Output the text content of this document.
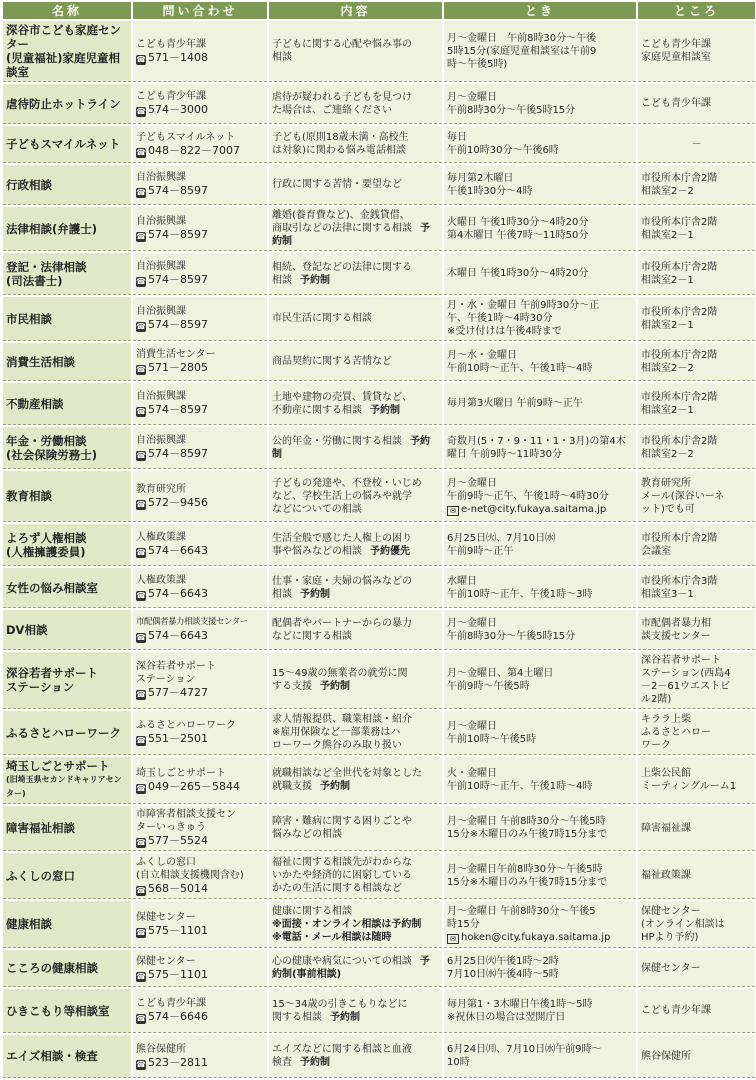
名称	問い合わせ	内容	とき	ところ

深谷市こども家庭センター
(児童福祉)家庭児童相談室	こども青少年課
☎ 571－1408	子どもに関する心配や悩み事の
相談	月～金曜日　午前8時30分～午後
5時15分(家庭児童相談室は午前9
時～午後5時)	こども青少年課
家庭児童相談室

虐待防止ホットライン	こども青少年課
☎ 574－3000	虐待が疑われる子どもを見つけ
た場合は、ご連絡ください	月～金曜日
午前8時30分～午後5時15分	こども青少年課

子どもスマイルネット	子どもスマイルネット
☎ 048－822－7007	子ども(原則18歳未満・高校生
は対象)に関わる悩み電話相談	毎日
午前10時30分～午後6時	－

行政相談	自治振興課
☎ 574－8597	行政に関する苦情・要望など	毎月第2木曜日
午後1時30分～4時	市役所本庁舎2階
相談室2－2

法律相談(弁護士)	自治振興課
☎ 574－8597	離婚(養育費など)、金銭貸借、
商取引などの法律に関する相談 予約制	火曜日 午後1時30分～4時20分
第4木曜日 午後7時～11時50分	市役所本庁舎2階
相談室2－1

登記・法律相談
(司法書士)	自治振興課
☎ 574－8597	相続、登記などの法律に関する
相談 予約制	木曜日 午後1時30分～4時20分	市役所本庁舎2階
相談室2－1

市民相談	自治振興課
☎ 574－8597	市民生活に関する相談	月・水・金曜日 午前9時30分～正
午、午後1時～4時30分
※受け付けは午後4時まで	市役所本庁舎2階
相談室2－1

消費生活相談	消費生活センター
☎ 571－2805	商品契約に関する苦情など	月～水・金曜日
午前10時～正午、午後1時～4時	市役所本庁舎2階
相談室2－2

不動産相談	自治振興課
☎ 574－8597	土地や建物の売買、賃貸など、
不動産に関する相談 予約制	毎月第3火曜日 午前9時～正午	市役所本庁舎2階
相談室2－1

年金・労働相談
(社会保険労務士)	自治振興課
☎ 574－8597	公的年金・労働に関する相談 予約制	奇数月(5・7・9・11・1・3月)の第4木
曜日 午前9時～11時30分	市役所本庁舎2階
相談室2－2

教育相談	教育研究所
☎ 572－9456	子どもの発達や、不登校・いじめ
など、学校生活上の悩みや就学
などについての相談	月～金曜日
午前9時～正午、午後1時～4時30分
✉ e-net@city.fukaya.saitama.jp	教育研究所
メール(深谷いーネ
ット)でも可

よろず人権相談
(人権擁護委員)	人権政策課
☎ 574－6643	生活全般で感じた人権上の困り
事や悩みなどの相談 予約優先	6月25日㈫、7月10日㈬
午前9時～正午	市役所本庁舎2階
会議室

女性の悩み相談室	人権政策課
☎ 574－6643	仕事・家庭・夫婦の悩みなどの
相談 予約制	水曜日
午前10時～正午、午後1時～3時	市役所本庁舎3階
相談室3－1

DV相談	市配偶者暴力相談支援センター
☎ 574－6643	配偶者やパートナーからの暴力
などに関する相談	月～金曜日
午前8時30分～午後5時15分	市配偶者暴力相
談支援センター

深谷若者サポート
ステーション	深谷若者サポート
ステーション
☎ 577－4727	15～49歳の無業者の就労に関
する支援 予約制	月～金曜日、第4土曜日
午前9時～午後5時	深谷若者サポート
ステーション(西島4
－2－61ウエストビ
ル2階)

ふるさとハローワーク	ふるさとハローワーク
☎ 551－2501	求人情報提供、職業相談・紹介
※雇用保険など一部業務はハ
ローワーク熊谷のみ取り扱い	月～金曜日
午前10時～午後5時	キララ上柴
ふるさとハロー
ワーク

埼玉しごとサポート
(旧埼玉県セカンドキャリアセンター)	埼玉しごとサポート
☎ 049－265－5844	就職相談など全世代を対象とした
就職支援 予約制	火・金曜日
午前10時～正午、午後1時～4時	上柴公民館
ミーティングルーム1

障害福祉相談	市障害者相談支援セン
ターいっきゅう
☎ 577－5524	障害・難病に関する困りごとや
悩みなどの相談	月～金曜日 午前8時30分～午後5時
15分※木曜日のみ午後7時15分まで	障害福祉課

ふくしの窓口	ふくしの窓口
(自立相談支援機関含む)
☎ 568－5014	福祉に関する相談先がわからな
いかたや経済的に困窮している
かたの生活に関する相談など	月～金曜日午前8時30分～午後5時
15分※木曜日のみ午後7時15分まで	福祉政策課

健康相談	保健センター
☎ 575－1101	健康に関する相談
※面接・オンライン相談は予約制
※電話・メール相談は随時	月～金曜日 午前8時30分～午後5
時15分
✉ hoken@city.fukaya.saitama.jp	保健センター
(オンライン相談は
HPより予約)

こころの健康相談	保健センター
☎ 575－1101	心の健康や病気についての相談 予約制(事前相談)	6月25日㈫午後1時～2時
7月10日㈬午後4時～5時	保健センター

ひきこもり等相談室	こども青少年課
☎ 574－6646	15～34歳の引きこもりなどに
関する相談 予約制	毎月第1・3木曜日午後1時～5時
※祝休日の場合は翌開庁日	こども青少年課

エイズ相談・検査	熊谷保健所
☎ 523－2811	エイズなどに関する相談と血液
検査 予約制	6月24日㈪、7月10日㈬午前9時～
10時	熊谷保健所
